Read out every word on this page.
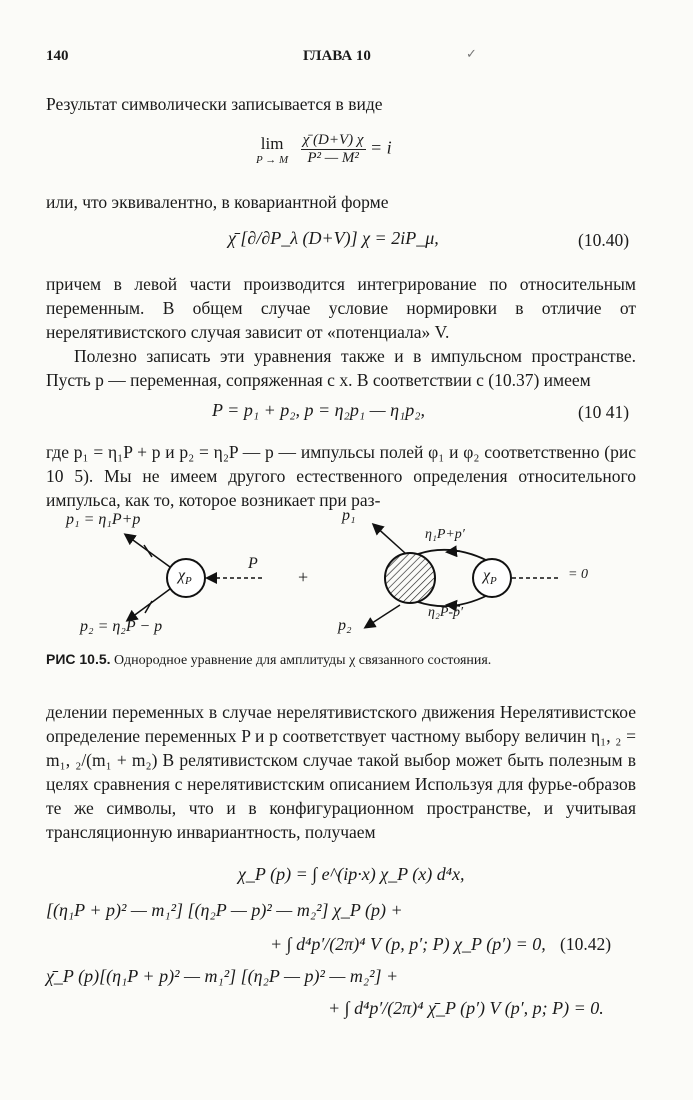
140	ГЛАВА 10	✓
Результат символически записывается в виде
lim
P → M
$\frac{\chī (D+V) \chi}{\text{P² — M²}} = i$
или, что эквивалентно, в ковариантной форме
χ̄ [∂/∂P_λ (D+V)] χ = 2iP_μ,	(10.40)
причем в левой части производится интегрирование по относительным переменным. В общем случае условие нормировки в отличие от нерелятивистского случая зависит от «потенциала» V.
Полезно записать эти уравнения также и в импульсном пространстве. Пусть p — переменная, сопряженная с x. В соответствии с (10.37) имеем
P = p₁ + p₂, p = η₂p₁ — η₁p₂,	(10 41)
где p₁ = η₁P + p и p₂ = η₂P — p — импульсы полей φ₁ и φ₂ соответственно (рис 10 5). Мы не имеем другого естественного определения относительного импульса, как то, которое возникает при раз-
p₁ = η₁P+p
p₂ = η₂P − p
$\chi_P$
P
+
p₁
p₂
η₁P+p′
η₂P-p′
$\chi_P$	= 0
РИС 10.5. Однородное уравнение для амплитуды χ связанного состояния.
делении переменных в случае нерелятивистского движения Нерелятивистское определение переменных P и p соответствует частному выбору величин η₁, ₂ = m₁, ₂/(m₁ + m₂) В релятивистском случае такой выбор может быть полезным в целях сравнения с нерелятивистским описанием Используя для фурье-образов те же символы, что и в конфигурационном пространстве, и учитывая трансляционную инвариантность, получаем
χ_P (p) = ∫ e^(ip·x) χ_P (x) d⁴x,
[(η₁P + p)² — m₁²] [(η₂P — p)² — m₂²] χ_P (p) +
+ ∫ d⁴p′/(2π)⁴ V (p, p′; P) χ_P (p′) = 0, (10.42)
χ̄_P (p)[(η₁P + p)² — m₁²] [(η₂P — p)² — m₂²] +
+ ∫ d⁴p′/(2π)⁴ χ̄_P (p′) V (p′, p; P) = 0.
